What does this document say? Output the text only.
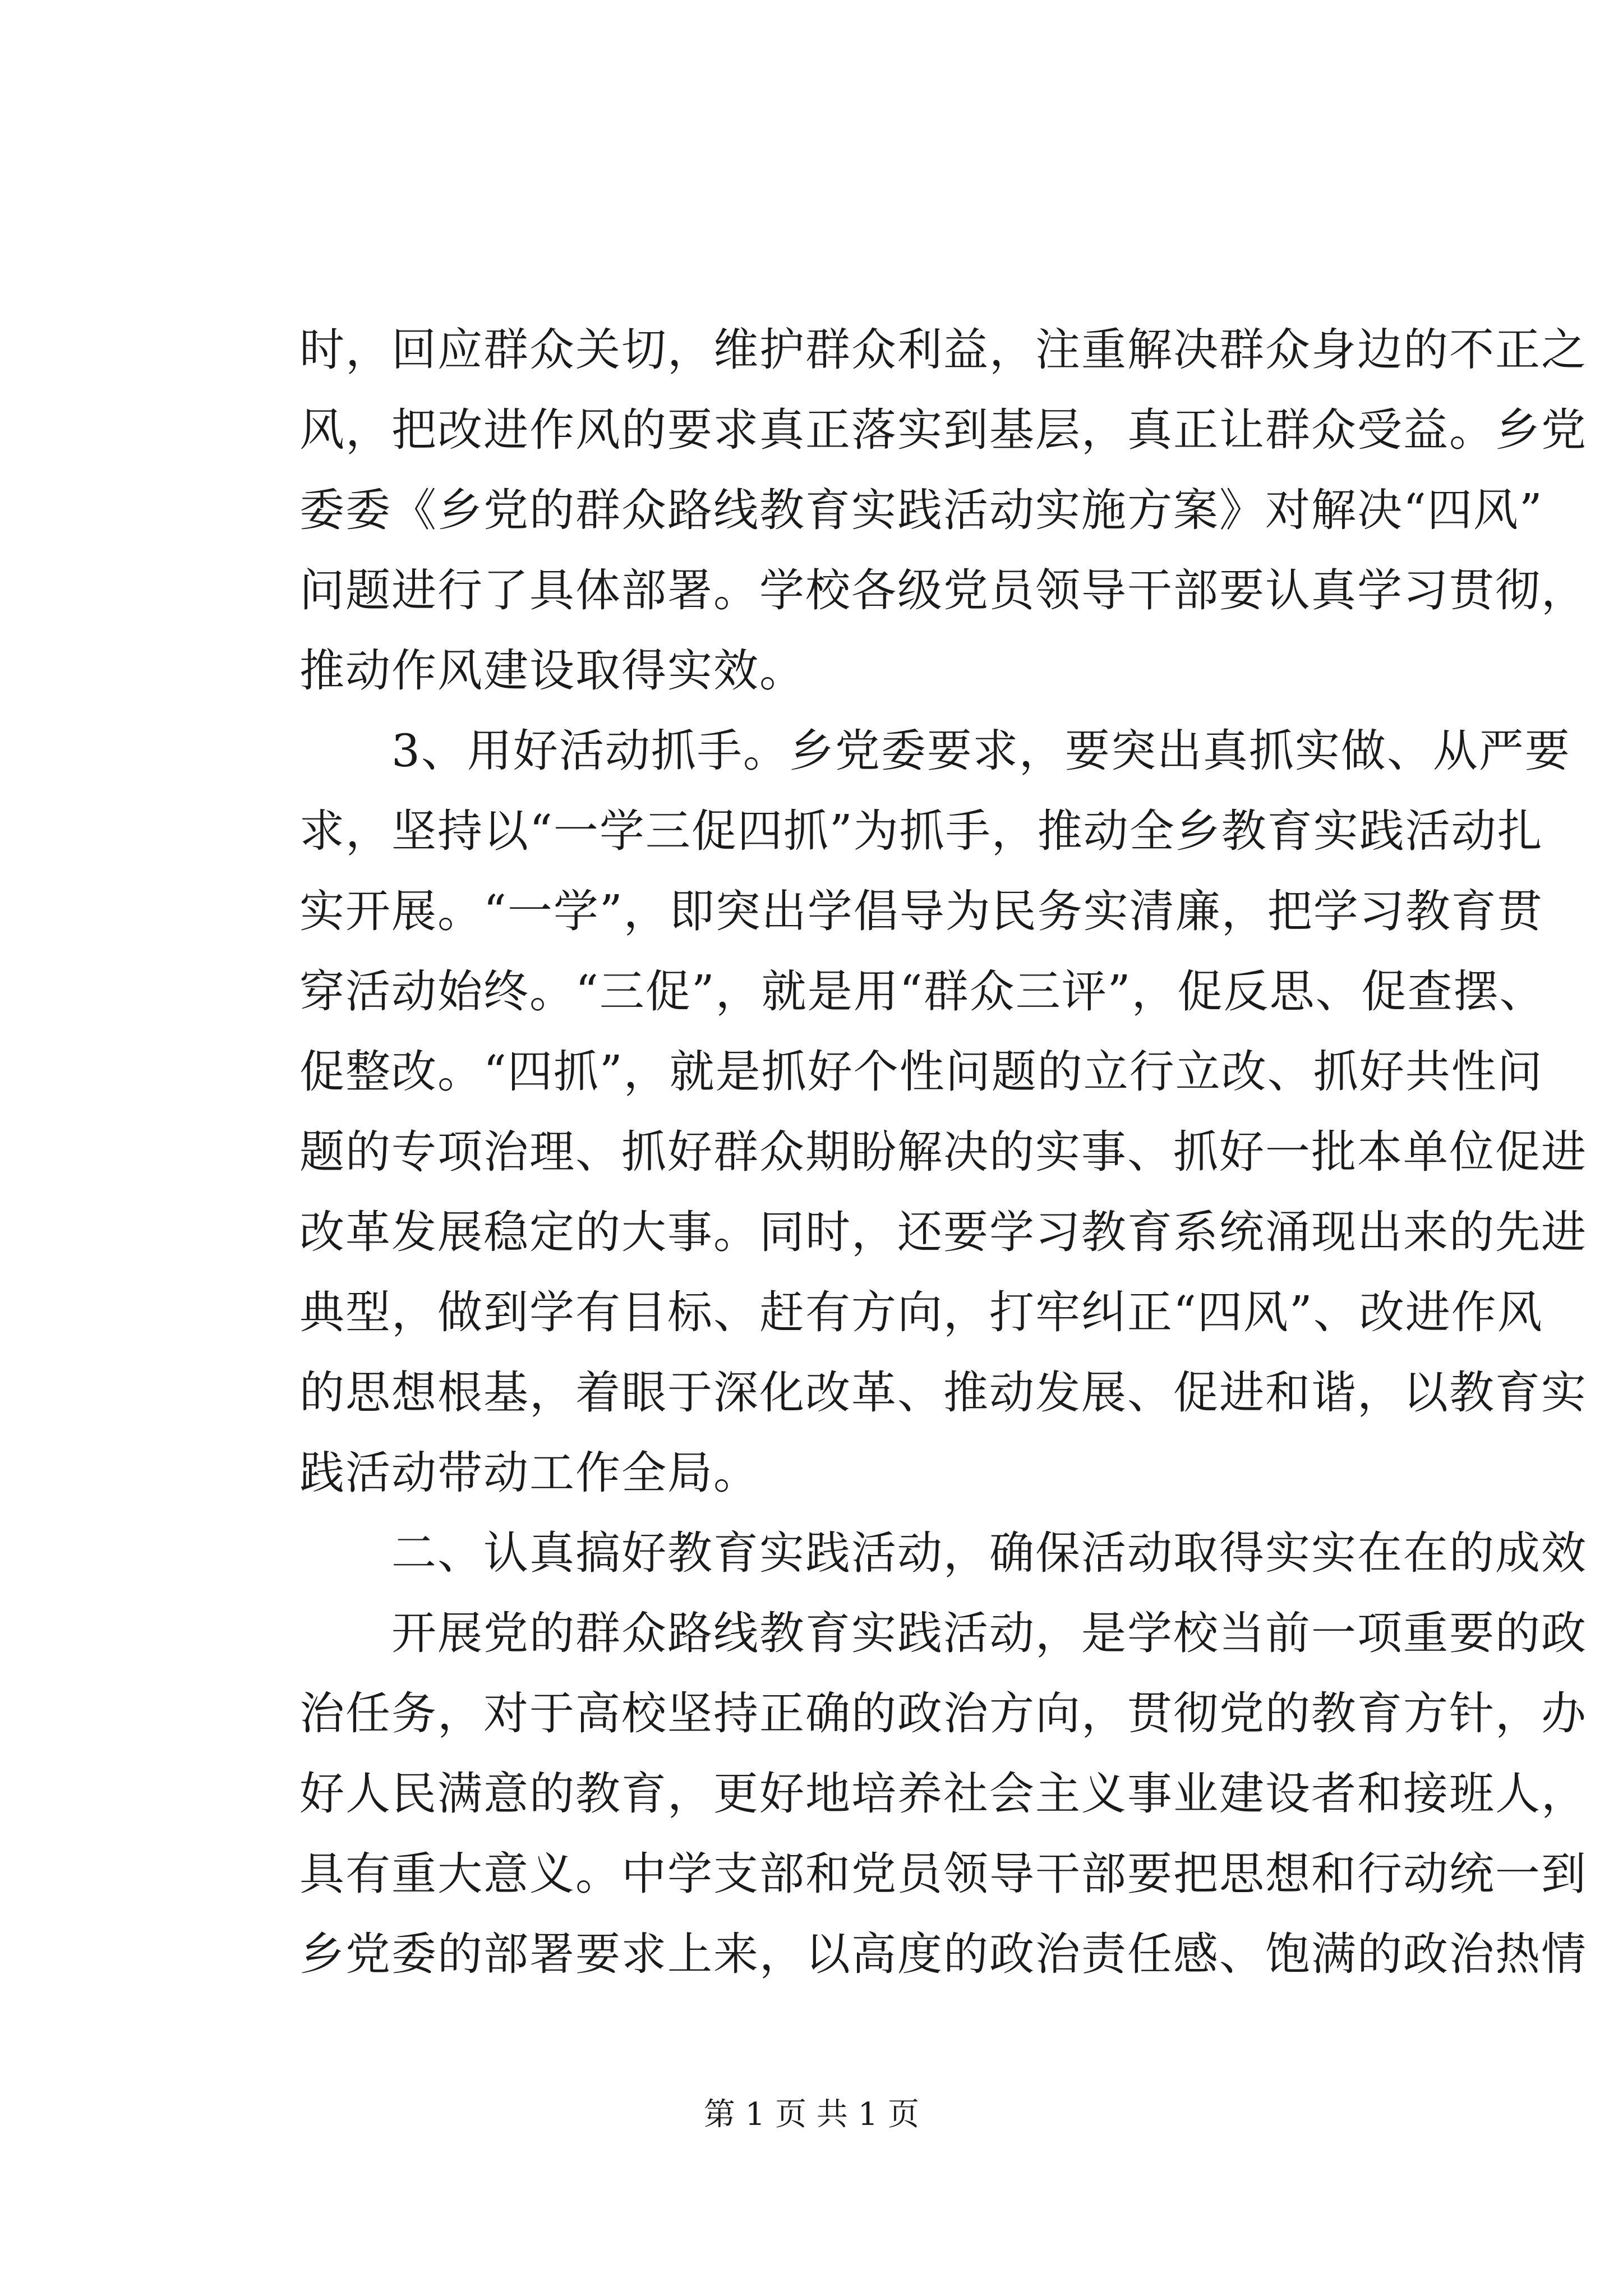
时，回应群众关切，维护群众利益，注重解决群众身边的不正之
风，把改进作风的要求真正落实到基层，真正让群众受益。乡党
委委《乡党的群众路线教育实践活动实施方案》对解决“四风”
问题进行了具体部署。学校各级党员领导干部要认真学习贯彻，
推动作风建设取得实效。
　　3、用好活动抓手。乡党委要求，要突出真抓实做、从严要
求，坚持以“一学三促四抓”为抓手，推动全乡教育实践活动扎
实开展。“一学”，即突出学倡导为民务实清廉，把学习教育贯
穿活动始终。“三促”，就是用“群众三评”，促反思、促查摆、
促整改。“四抓”，就是抓好个性问题的立行立改、抓好共性问
题的专项治理、抓好群众期盼解决的实事、抓好一批本单位促进
改革发展稳定的大事。同时，还要学习教育系统涌现出来的先进
典型，做到学有目标、赶有方向，打牢纠正“四风”、改进作风
的思想根基，着眼于深化改革、推动发展、促进和谐，以教育实
践活动带动工作全局。
　　二、认真搞好教育实践活动，确保活动取得实实在在的成效
　　开展党的群众路线教育实践活动，是学校当前一项重要的政
治任务，对于高校坚持正确的政治方向，贯彻党的教育方针，办
好人民满意的教育，更好地培养社会主义事业建设者和接班人，
具有重大意义。中学支部和党员领导干部要把思想和行动统一到
乡党委的部署要求上来，以高度的政治责任感、饱满的政治热情
第 1 页 共 1 页
